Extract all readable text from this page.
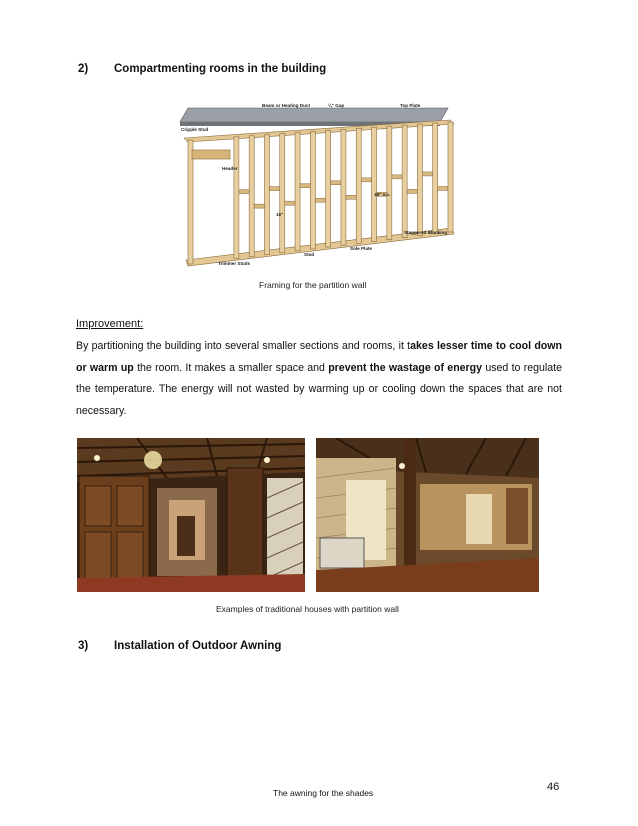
2)	Compartmenting rooms in the building
Beam or Heating Duct	¼" Gap	Top Plate
Cripple Stud
Header
16"
16" o.c.
Staggered Blocking
Sole Plate
Stud
Trimmer Studs
Framing for the partition wall
Improvement:
By partitioning the building into several smaller sections and rooms, it takes lesser time to cool down or warm up the room. It makes a smaller space and prevent the wastage of energy used to regulate the temperature. The energy will not wasted by warming up or cooling down the spaces that are not necessary.
Examples of traditional houses with partition wall
3)	Installation of Outdoor Awning
46
The awning for the shades
